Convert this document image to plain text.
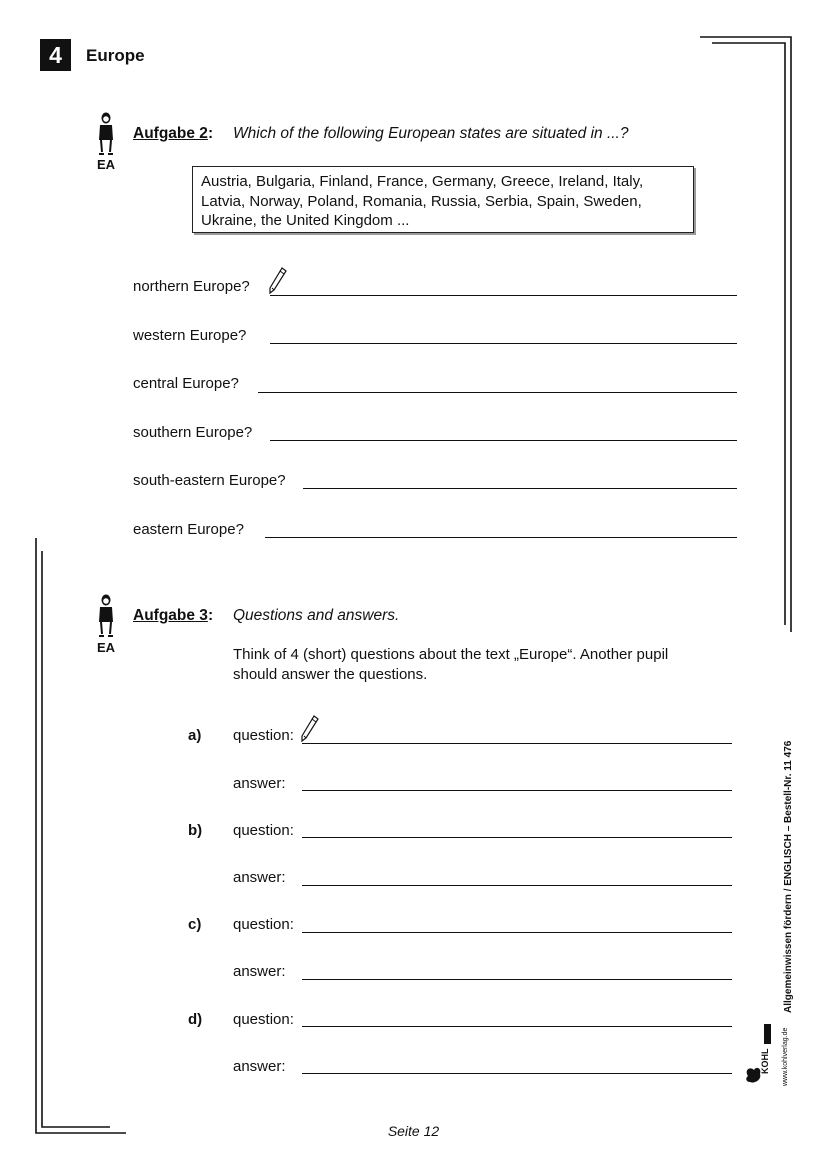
4	Europe
EA
Aufgabe 2: Which of the following European states are situated in ...?
Austria, Bulgaria, Finland, France, Germany, Greece, Ireland, Italy,
Latvia, Norway, Poland, Romania, Russia, Serbia, Spain, Sweden,
Ukraine, the United Kingdom ...
northern Europe?
western Europe?
central Europe?
southern Europe?
south-eastern Europe?
eastern Europe?
EA
Aufgabe 3: Questions and answers.
Think of 4 (short) questions about the text „Europe“. Another pupil
should answer the questions.
a) question:
answer:
b) question:
answer:
c) question:
answer:
d) question:
answer:
Allgemeinwissen fördern / ENGLISCH – Bestell-Nr. 11 476
KOHL www.kohlverlag.de
Seite 12
